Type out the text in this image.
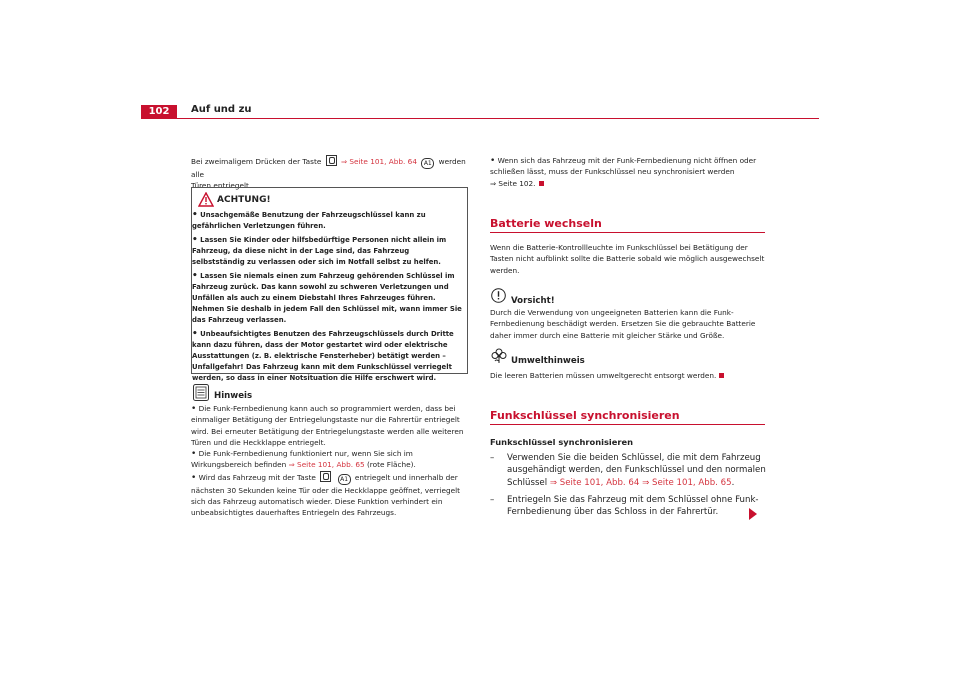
102	Auf und zu
Bei zweimaligem Drücken der Taste	⇒ Seite 101, Abb. 64 A1 werden alle
Türen entriegelt.
ACHTUNG!
• Unsachgemäße Benutzung der Fahrzeugschlüssel kann zu gefährlichen Verletzungen führen.
• Lassen Sie Kinder oder hilfsbedürftige Personen nicht allein im Fahrzeug, da diese nicht in der Lage sind, das Fahrzeug selbstständig zu verlassen oder sich im Notfall selbst zu helfen.
• Lassen Sie niemals einen zum Fahrzeug gehörenden Schlüssel im Fahrzeug zurück. Das kann sowohl zu schweren Verletzungen und Unfällen als auch zu einem Diebstahl Ihres Fahrzeuges führen. Nehmen Sie deshalb in jedem Fall den Schlüssel mit, wann immer Sie das Fahrzeug verlassen.
• Unbeaufsichtigtes Benutzen des Fahrzeugschlüssels durch Dritte kann dazu führen, dass der Motor gestartet wird oder elektrische Ausstattungen (z. B. elektrische Fensterheber) betätigt werden – Unfallgefahr! Das Fahrzeug kann mit dem Funkschlüssel verriegelt werden, so dass in einer Notsituation die Hilfe erschwert wird.
Hinweis
• Die Funk-Fernbedienung kann auch so programmiert werden, dass bei einmaliger Betätigung der Entriegelungstaste nur die Fahrertür entriegelt wird. Bei erneuter Betätigung der Entriegelungstaste werden alle weiteren Türen und die Heckklappe entriegelt.
• Die Funk-Fernbedienung funktioniert nur, wenn Sie sich im Wirkungsbereich befinden ⇒ Seite 101, Abb. 65 (rote Fläche).
• Wird das Fahrzeug mit der Taste	A1 entriegelt und innerhalb der nächsten 30 Sekunden keine Tür oder die Heckklappe geöffnet, verriegelt sich das Fahrzeug automatisch wieder. Diese Funktion verhindert ein unbeabsichtigtes dauerhaftes Entriegeln des Fahrzeugs.
• Wenn sich das Fahrzeug mit der Funk-Fernbedienung nicht öffnen oder schließen lässt, muss der Funkschlüssel neu synchronisiert werden
⇒ Seite 102.
Batterie wechseln
Wenn die Batterie-Kontrollleuchte im Funkschlüssel bei Betätigung der Tasten nicht aufblinkt sollte die Batterie sobald wie möglich ausgewechselt werden.
Vorsicht!
Durch die Verwendung von ungeeigneten Batterien kann die Funk-Fernbedienung beschädigt werden. Ersetzen Sie die gebrauchte Batterie daher immer durch eine Batterie mit gleicher Stärke und Größe.
Umwelthinweis
Die leeren Batterien müssen umweltgerecht entsorgt werden.
Funkschlüssel synchronisieren
Funkschlüssel synchronisieren
–	Verwenden Sie die beiden Schlüssel, die mit dem Fahrzeug ausgehändigt werden, den Funkschlüssel und den normalen Schlüssel ⇒ Seite 101, Abb. 64 ⇒ Seite 101, Abb. 65.
–	Entriegeln Sie das Fahrzeug mit dem Schlüssel ohne Funk-Fernbedienung über das Schloss in der Fahrertür.
